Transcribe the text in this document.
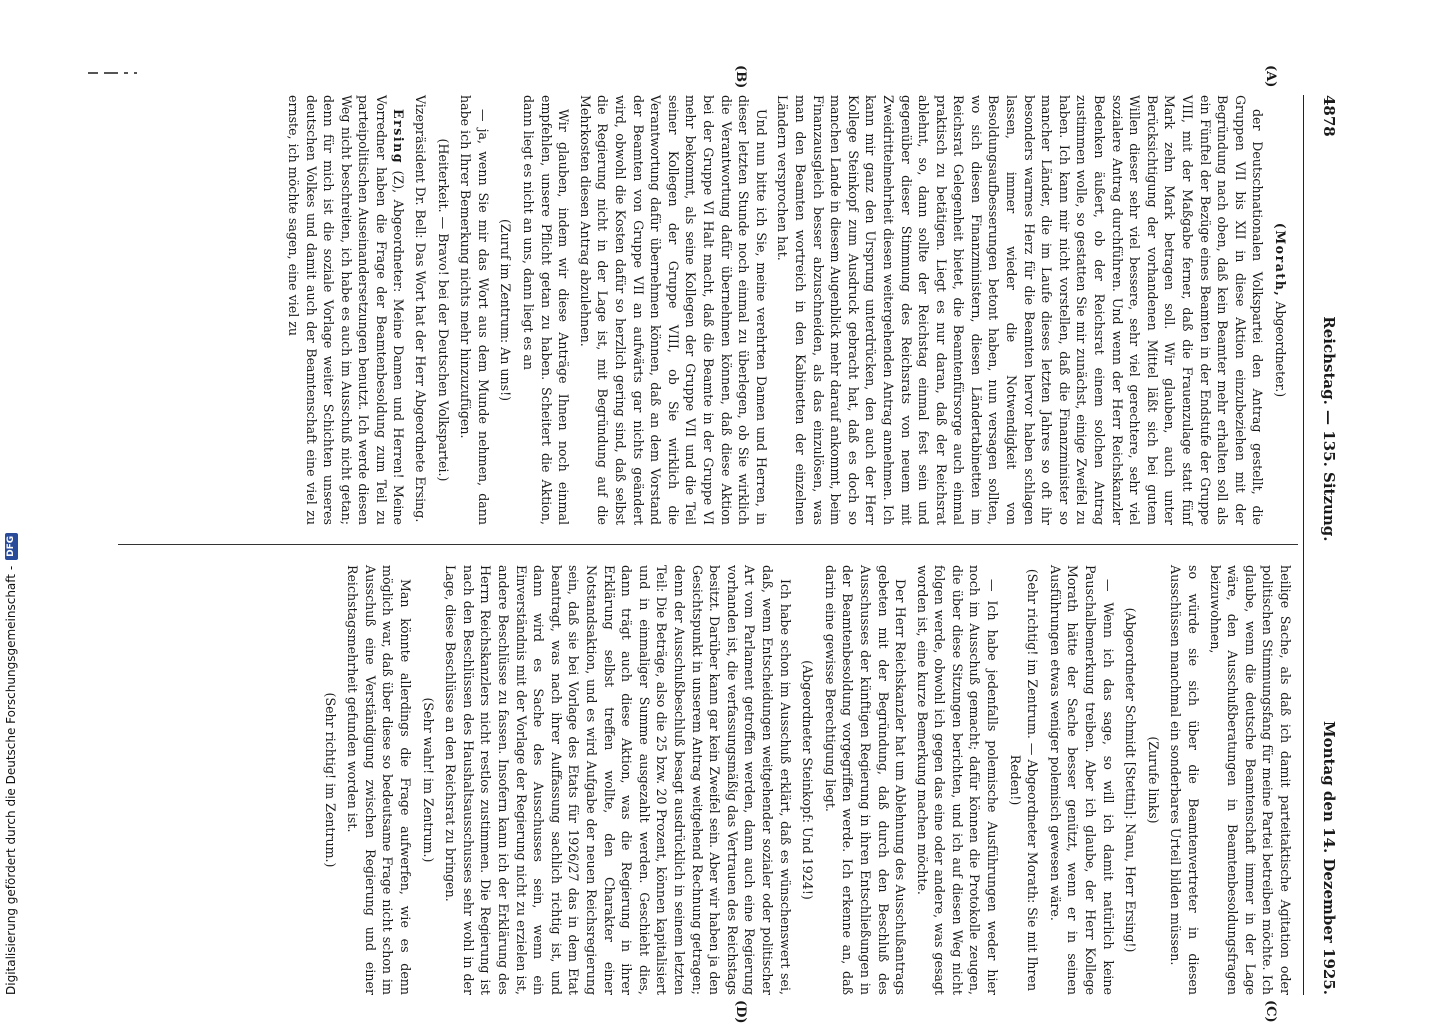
Digitalisierung gefördert durch die Deutsche Forschungsgemeinschaft -
DFG
4878
Reichstag. — 135. Sitzung.
Montag den 14. Dezember 1925.
(A)
(B)
(C)
(D)

(Morath, Abgeordneter.)

der Deutschnationalen Volkspartei den Antrag gestellt, die Gruppen VII bis XII in diese Aktion einzubeziehen mit der Begründung nach oben, daß kein Beamter mehr erhalten soll als ein Fünftel der Bezüge eines Beamten in der Endstufe der Gruppe VIII, mit der Maßgabe ferner, daß die Frauenzulage statt fünf Mark zehn Mark betragen soll. Wir glauben, auch unter Berücksichtigung der vorhandenen Mittel läßt sich bei gutem Willen dieser sehr viel bessere, sehr viel gerechtere, sehr viel sozialere Antrag durchführen. Und wenn der Herr Reichskanzler Bedenken äußert, ob der Reichsrat einem solchen Antrag zustimmen wolle, so gestatten Sie mir zunächst, einige Zweifel zu haben. Ich kann mir nicht vorstellen, daß die Finanzminister so mancher Länder, die im Laufe dieses letzten Jahres so oft ihr besonders warmes Herz für die Beamten hervor haben schlagen lassen, immer wieder die Notwendigkeit von Besoldungsaufbesserungen betont haben, nun versagen sollten, wo sich diesen Finanzministern, diesen Ländertabinetten im Reichsrat Gelegenheit bietet, die Beamtenfürsorge auch einmal praktisch zu betätigen. Liegt es nur daran, daß der Reichsrat ablehnt, so, dann sollte der Reichstag einmal fest sein und gegenüber dieser Stimmung des Reichsrats von neuem mit Zweidrittelmehrheit diesen weitergehenden Antrag annehmen. Ich kann mir ganz den Ursprung unterdrücken, den auch der Herr Kollege Steinkopf zum Ausdruck gebracht hat, daß es doch so manchen Lande in diesem Augenblick mehr darauf ankommt, beim Finanzausgleich besser abzuschneiden, als das einzulösen, was man den Beamten wortreich in den Kabinetten der einzelnen Ländern versprochen hat.

Und nun bitte ich Sie, meine verehrten Damen und Herren, in dieser letzten Stunde noch einmal zu überlegen, ob Sie wirklich die Verantwortung dafür übernehmen können, daß diese Aktion bei der Gruppe VI Halt macht, daß die Beamte in der Gruppe VI mehr bekommt, als seine Kollegen der Gruppe VII und die Teil seiner Kollegen der Gruppe VIII, ob Sie wirklich die Verantwortung dafür übernehmen können, daß an dem Vorstand der Beamten von Gruppe VII an aufwärts gar nichts geändert wird, obwohl die Kosten dafür so herzlich gering sind, daß selbst die Regierung nicht in der Lage ist, mit Begründung auf die Mehrkosten diesen Antrag abzulehnen.

Wir glauben, indem wir diese Anträge Ihnen noch einmal empfehlen, unsere Pflicht getan zu haben. Scheitert die Aktion, dann liegt es nicht an uns, dann liegt es an

(Zuruf im Zentrum: An uns!)

— ja, wenn Sie mir das Wort aus dem Munde nehmen, dann habe ich Ihrer Bemerkung nichts mehr hinzuzufügen.

(Heiterkeit. — Bravo! bei der Deutschen Volkspartei.)

Vizepräsident Dr. Bell: Das Wort hat der Herr Abgeordnete Ersing.

Ersing (Z), Abgeordneter: Meine Damen und Herren! Meine Vorredner haben die Frage der Beamtenbesoldung zum Teil zu parteipolitischen Auseinandersetzungen benutzt. Ich werde diesen Weg nicht beschreiten, ich habe es auch im Ausschuß nicht getan; denn für mich ist die soziale Vorlage weiter Schichten unseres deutschen Volkes und damit auch der Beamtenschaft eine viel zu ernste, ich möchte sagen, eine viel zu

heilige Sache, als daß ich damit parteitaktische Agitation oder politischen Stimmungsfang für meine Partei betreiben möchte. Ich glaube, wenn die deutsche Beamtenschaft immer in der Lage wäre, den Ausschußberatungen in Beamtenbesoldungsfragen beizuwohnen,

so würde sie sich über die Beamtenvertreter in diesen Ausschüssen manchmal ein sonderbares Urteil bilden müssen.

(Zurufe links)

(Abgeordneter Schmidt [Stettin]: Nanu, Herr Ersing!)

— Wenn ich das sage, so will ich damit natürlich keine Pauschalbemerkung treiben. Aber ich glaube, der Herr Kollege Morath hätte der Sache besser genützt, wenn er in seinen Ausführungen etwas weniger polemisch gewesen wäre.

(Sehr richtig! im Zentrum. — Abgeordneter Morath: Sie mit Ihren Reden!)

— Ich habe jedenfalls polemische Ausführungen weder hier noch im Ausschuß gemacht; dafür können die Protokolle zeugen, die über diese Sitzungen berichten, und ich auf diesen Weg nicht folgen werde, obwohl ich gegen das eine oder andere, was gesagt worden ist, eine kurze Bemerkung machen möchte.

Der Herr Reichskanzler hat um Ablehnung des Ausschußantrags gebeten mit der Begründung, daß durch den Beschluß des Ausschusses der künftigen Regierung in ihren Entschließungen in der Beamtenbesoldung vorgegriffen werde. Ich erkenne an, daß darin eine gewisse Berechtigung liegt.

(Abgeordneter Steinkopf: Und 1924!)

Ich habe schon im Ausschuß erklärt, daß es wünschenswert sei, daß, wenn Entscheidungen weitgehender sozialer oder politischer Art vom Parlament getroffen werden, dann auch eine Regierung vorhanden ist, die verfassungsmäßig das Vertrauen des Reichstags besitzt. Darüber kann gar kein Zweifel sein. Aber wir haben ja den Gesichtspunkt in unserem Antrag weitgehend Rechnung getragen; denn der Ausschußbeschluß besagt ausdrücklich in seinem letzten Teil: Die Beträge, also die 25 bzw. 20 Prozent, können kapitalisiert und in einmaliger Summe ausgezahlt werden. Geschieht dies, dann trägt auch diese Aktion, was die Regierung in ihrer Erklärung selbst treffen wollte, den Charakter einer Notstandsaktion, und es wird Aufgabe der neuen Reichsregierung sein, daß sie bei Vorlage des Etats für 1926/27 das in dem Etat beantragt, was nach ihrer Auffassung sachlich richtig ist, und dann wird es Sache des Ausschusses sein, wenn ein Einverständnis mit der Vorlage der Regierung nicht zu erzielen ist, andere Beschlüsse zu fassen. Insofern kann ich der Erklärung des Herrn Reichskanzlers nicht restlos zustimmen. Die Regierung ist nach den Beschlüssen des Haushaltsausschusses sehr wohl in der Lage, diese Beschlüsse an den Reichsrat zu bringen.

(Sehr wahr! im Zentrum.)

Man könnte allerdings die Frage aufwerfen, wie es denn möglich war, daß über diese so bedeutsame Frage nicht schon im Ausschuß eine Verständigung zwischen Regierung und einer Reichstagsmehrheit gefunden worden ist.

(Sehr richtig! im Zentrum.)
